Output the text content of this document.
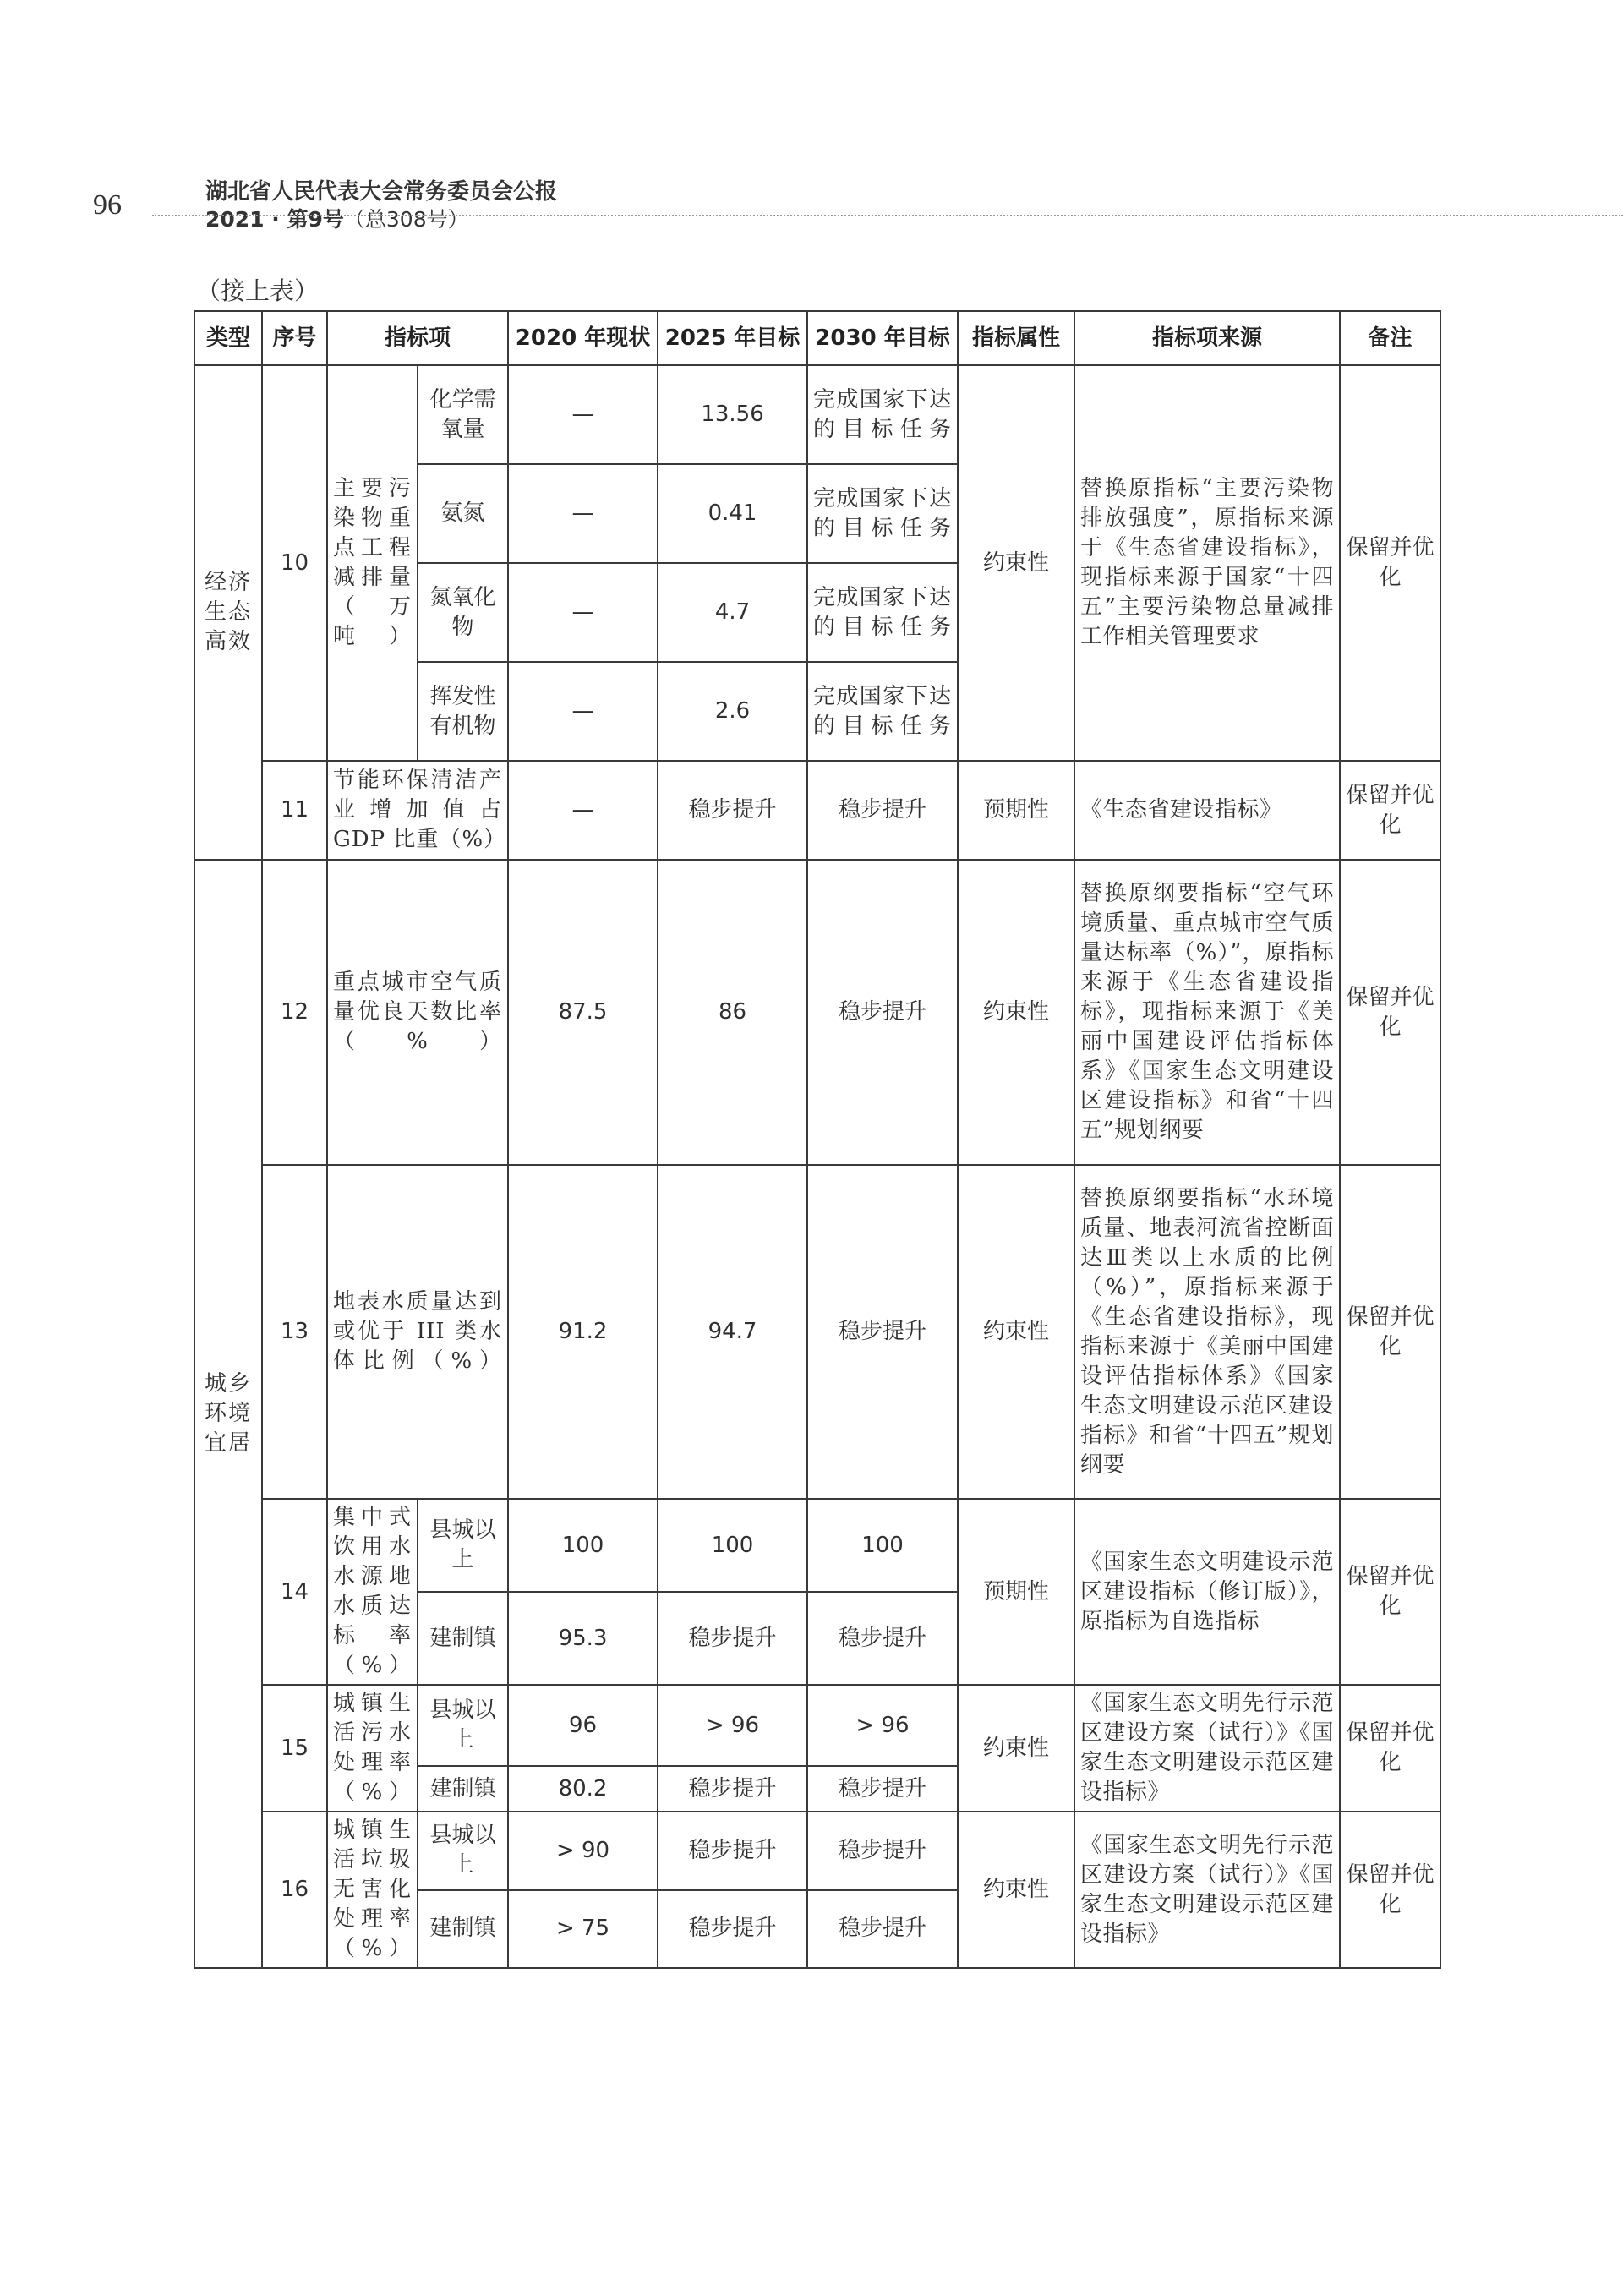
96	湖北省人民代表大会常务委员会公报
2021 · 第9号（总308号）
（接上表）
类型	序号	指标项		2020 年现状	2025 年目标	2030 年目标	指标属性	指标项来源	备注
经济生态高效	10	主要污染物重点工程减排量（万吨）	化学需氧量	—	13.56	完成国家下达的目标任务	约束性	替换原指标“主要污染物排放强度”，原指标来源于《生态省建设指标》，现指标来源于国家“十四五”主要污染物总量减排工作相关管理要求	保留并优化
			氨氮	—	0.41	完成国家下达的目标任务			
			氮氧化物	—	4.7	完成国家下达的目标任务			
			挥发性有机物	—	2.6	完成国家下达的目标任务			
	11	节能环保清洁产业增加值占 GDP 比重（%）		—	稳步提升	稳步提升	预期性	《生态省建设指标》	保留并优化
城乡环境宜居	12	重点城市空气质量优良天数比率（%）		87.5	86	稳步提升	约束性	替换原纲要指标“空气环境质量、重点城市空气质量达标率（%）”，原指标来源于《生态省建设指标》，现指标来源于《美丽中国建设评估指标体系》《国家生态文明建设区建设指标》和省“十四五”规划纲要	保留并优化
	13	地表水质量达到或优于 III 类水体比例（%）		91.2	94.7	稳步提升	约束性	替换原纲要指标“水环境质量、地表河流省控断面达Ⅲ类以上水质的比例（%）”，原指标来源于《生态省建设指标》，现指标来源于《美丽中国建设评估指标体系》《国家生态文明建设示范区建设指标》和省“十四五”规划纲要	保留并优化
	14	集中式饮用水水源地水质达标率（%）	县城以上	100	100	100	预期性	《国家生态文明建设示范区建设指标（修订版）》，原指标为自选指标	保留并优化
			建制镇	95.3	稳步提升	稳步提升			
	15	城镇生活污水处理率（%）	县城以上	96	> 96	> 96	约束性	《国家生态文明先行示范区建设方案（试行）》《国家生态文明建设示范区建设指标》	保留并优化
			建制镇	80.2	稳步提升	稳步提升			
	16	城镇生活垃圾无害化处理率（%）	县城以上	> 90	稳步提升	稳步提升	约束性	《国家生态文明先行示范区建设方案（试行）》《国家生态文明建设示范区建设指标》	保留并优化
			建制镇	> 75	稳步提升	稳步提升			
